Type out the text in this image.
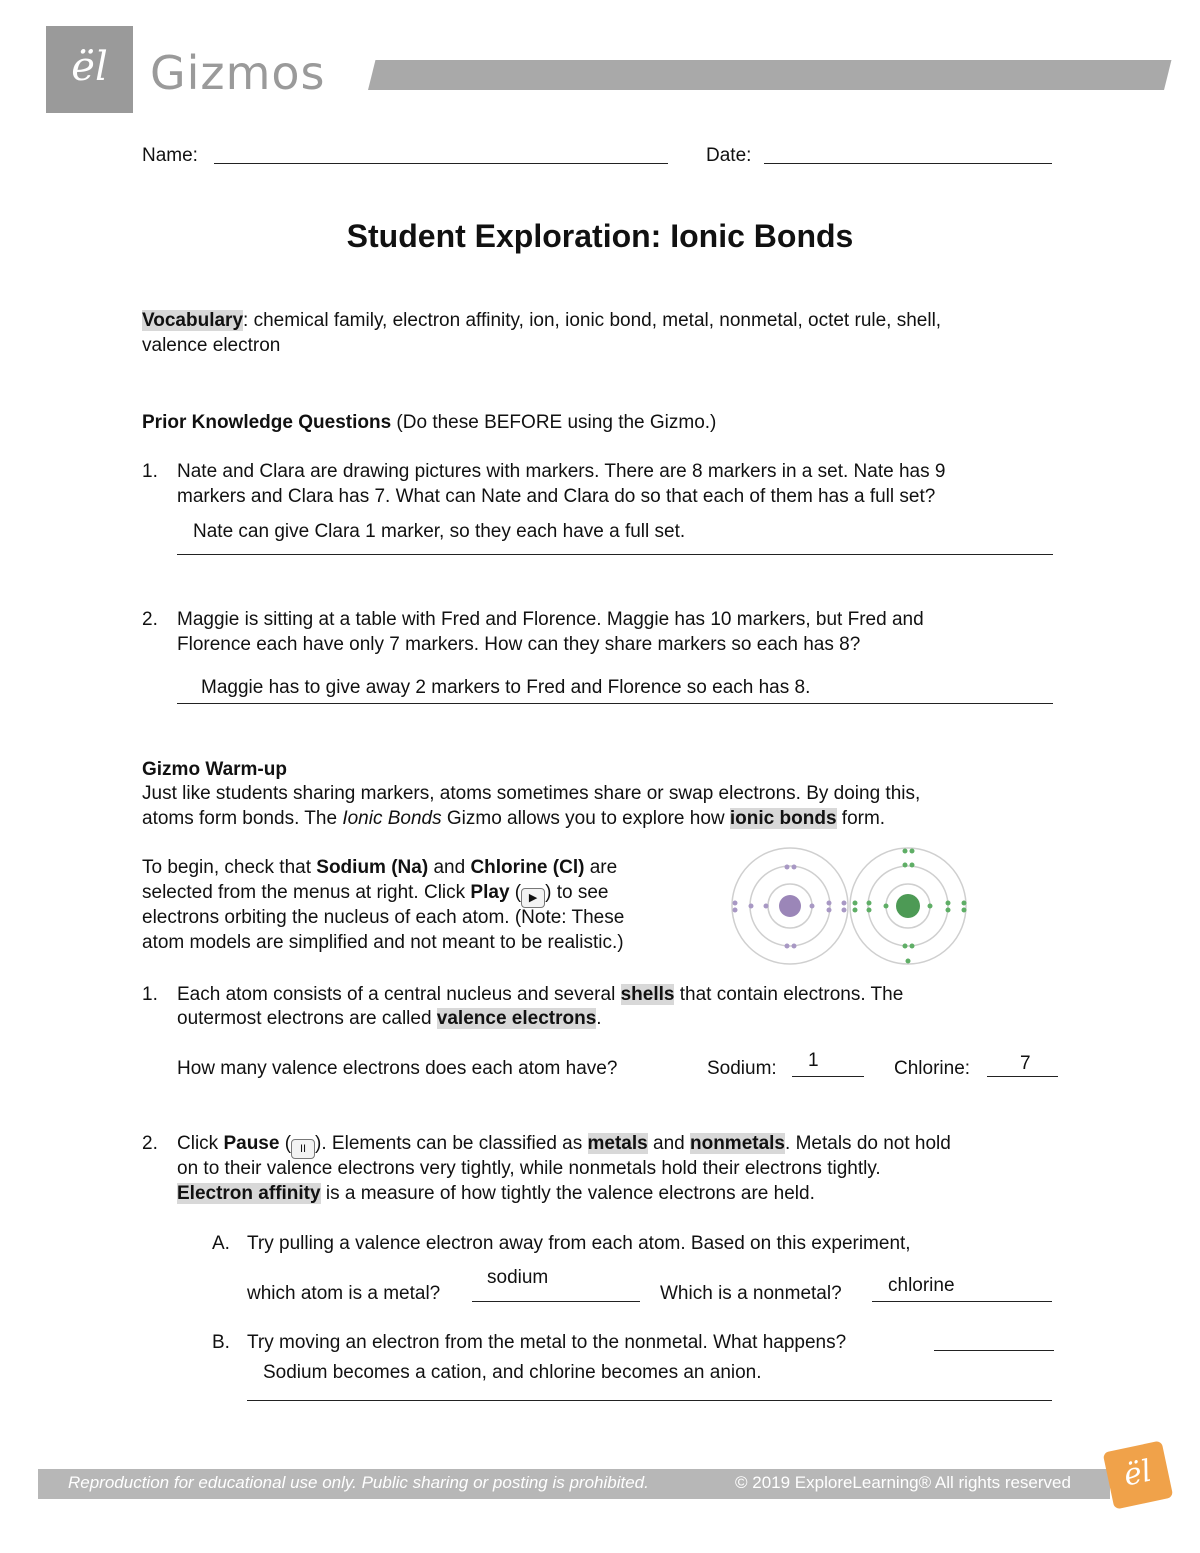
ël Gizmos
Name:	Date:
Student Exploration: Ionic Bonds
Vocabulary: chemical family, electron affinity, ion, ionic bond, metal, nonmetal, octet rule, shell,
valence electron
Prior Knowledge Questions (Do these BEFORE using the Gizmo.)
1. Nate and Clara are drawing pictures with markers. There are 8 markers in a set. Nate has 9
markers and Clara has 7. What can Nate and Clara do so that each of them has a full set?
Nate can give Clara 1 marker, so they each have a full set.
2. Maggie is sitting at a table with Fred and Florence. Maggie has 10 markers, but Fred and
Florence each have only 7 markers. How can they share markers so each has 8?
Maggie has to give away 2 markers to Fred and Florence so each has 8.
Gizmo Warm-up
Just like students sharing markers, atoms sometimes share or swap electrons. By doing this,
atoms form bonds. The Ionic Bonds Gizmo allows you to explore how ionic bonds form.
To begin, check that Sodium (Na) and Chlorine (Cl) are
selected from the menus at right. Click Play ( ▶ ) to see
electrons orbiting the nucleus of each atom. (Note: These
atom models are simplified and not meant to be realistic.)
1. Each atom consists of a central nucleus and several shells that contain electrons. The
outermost electrons are called valence electrons.
How many valence electrons does each atom have?	Sodium: 1	Chlorine:	7
2. Click Pause ( II ). Elements can be classified as metals and nonmetals. Metals do not hold
on to their valence electrons very tightly, while nonmetals hold their electrons tightly.
Electron affinity is a measure of how tightly the valence electrons are held.
A. Try pulling a valence electron away from each atom. Based on this experiment,
which atom is a metal?
sodium
Which is a nonmetal? chlorine
B. Try moving an electron from the metal to the nonmetal. What happens?
Sodium becomes a cation, and chlorine becomes an anion.
Reproduction for educational use only. Public sharing or posting is prohibited.	© 2019 ExploreLearning® All rights reserved	ël
